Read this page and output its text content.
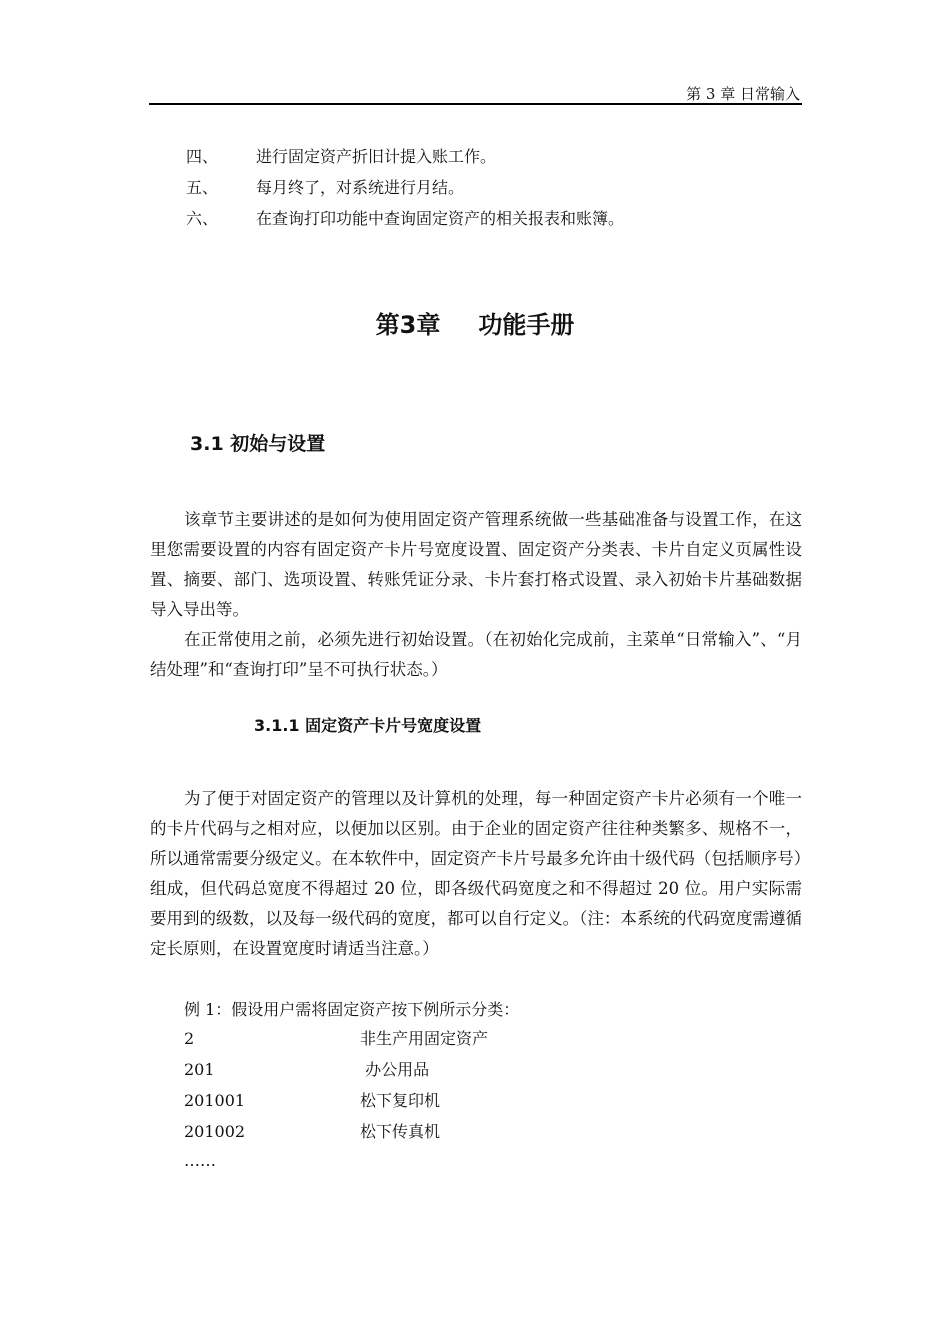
第 3 章 日常输入
四、 进行固定资产折旧计提入账工作。
五、 每月终了，对系统进行月结。
六、 在查询打印功能中查询固定资产的相关报表和账簿。
第3章 功能手册
3.1 初始与设置

该章节主要讲述的是如何为使用固定资产管理系统做一些基础准备与设置工作，在这里您需要设置的内容有固定资产卡片号宽度设置、固定资产分类表、卡片自定义页属性设置、摘要、部门、选项设置、转账凭证分录、卡片套打格式设置、录入初始卡片基础数据导入导出等。

在正常使用之前，必须先进行初始设置。（在初始化完成前，主菜单“日常输入”、“月结处理”和“查询打印”呈不可执行状态。）

3.1.1 固定资产卡片号宽度设置

为了便于对固定资产的管理以及计算机的处理，每一种固定资产卡片必须有一个唯一的卡片代码与之相对应，以便加以区别。由于企业的固定资产往往种类繁多、规格不一，所以通常需要分级定义。在本软件中，固定资产卡片号最多允许由十级代码（包括顺序号）组成，但代码总宽度不得超过 20 位，即各级代码宽度之和不得超过 20 位。用户实际需要用到的级数，以及每一级代码的宽度，都可以自行定义。（注：本系统的代码宽度需遵循定长原则，在设置宽度时请适当注意。）

例 1：假设用户需将固定资产按下例所示分类：
2	非生产用固定资产
201	办公用品
201001	松下复印机
201002	松下传真机
……
